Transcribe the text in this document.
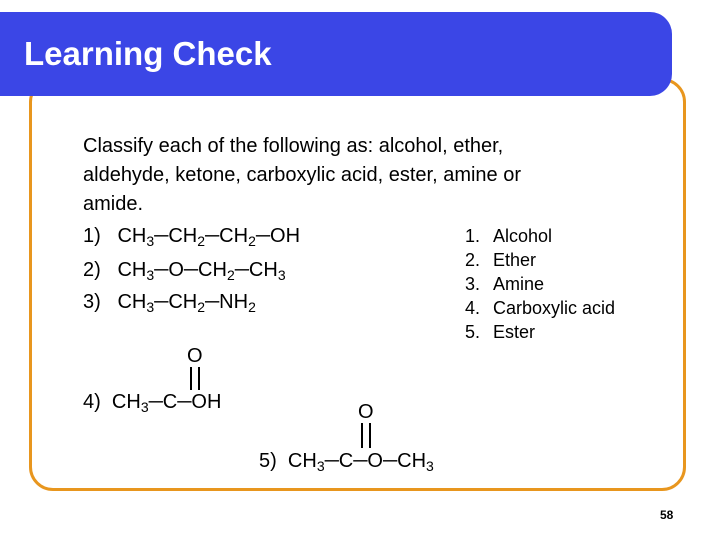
Learning Check
Classify each of the following as: alcohol, ether,
aldehyde, ketone, carboxylic acid, ester, amine or
amide.
1) $CH_3─CH_2─CH_2─OH$
2) $CH_3─O─CH_2─CH_3$
3) $CH_3─CH_2─NH_2$
O
4) $CH_3─C─OH$	O
5) $CH_3─C─O─CH_3$
1. Alcohol
2. Ether
3. Amine
4. Carboxylic acid
5. Ester
58
